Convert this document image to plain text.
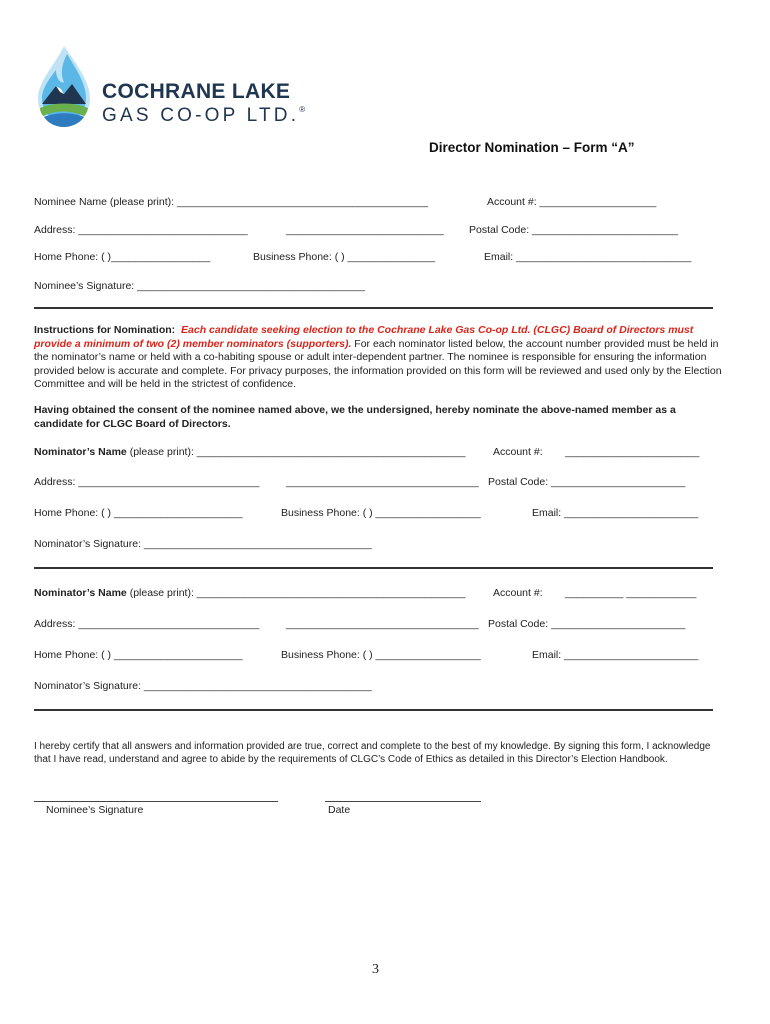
COCHRANE LAKE
GAS CO-OP LTD.®
Director Nomination – Form “A”
Nominee Name (please print): ___________________________________________	Account #: ____________________
Address: _____________________________	___________________________ Postal Code: _________________________
Home Phone: ( )_________________	Business Phone: ( ) _______________	Email: ______________________________
Nominee’s Signature: _______________________________________
Instructions for Nomination: Each candidate seeking election to the Cochrane Lake Gas Co-op Ltd. (CLGC) Board of Directors must provide a minimum of two (2) member nominators (supporters). For each nominator listed below, the account number provided must be held in the nominator’s name or held with a co-habiting spouse or adult inter-dependent partner. The nominee is responsible for ensuring the information provided below is accurate and complete. For privacy purposes, the information provided on this form will be reviewed and used only by the Election Committee and will be held in the strictest of confidence.
Having obtained the consent of the nominee named above, we the undersigned, hereby nominate the above-named member as a candidate for CLGC Board of Directors.
Nominator’s Name (please print): ______________________________________________	Account #: _______________________
Address: _______________________________	_________________________________ Postal Code: _______________________
Home Phone: ( ) ______________________	Business Phone: ( ) __________________	Email: _______________________
Nominator’s Signature: _______________________________________
Nominator’s Name (please print): ______________________________________________	Account #: __________ ____________
Address: _______________________________	_________________________________ Postal Code: _______________________
Home Phone: ( ) ______________________	Business Phone: ( ) __________________	Email: _______________________
Nominator’s Signature: _______________________________________
I hereby certify that all answers and information provided are true, correct and complete to the best of my knowledge. By signing this form, I acknowledge that I have read, understand and agree to abide by the requirements of CLGC’s Code of Ethics as detailed in this Director’s Election Handbook.
Nominee’s Signature	Date
3
